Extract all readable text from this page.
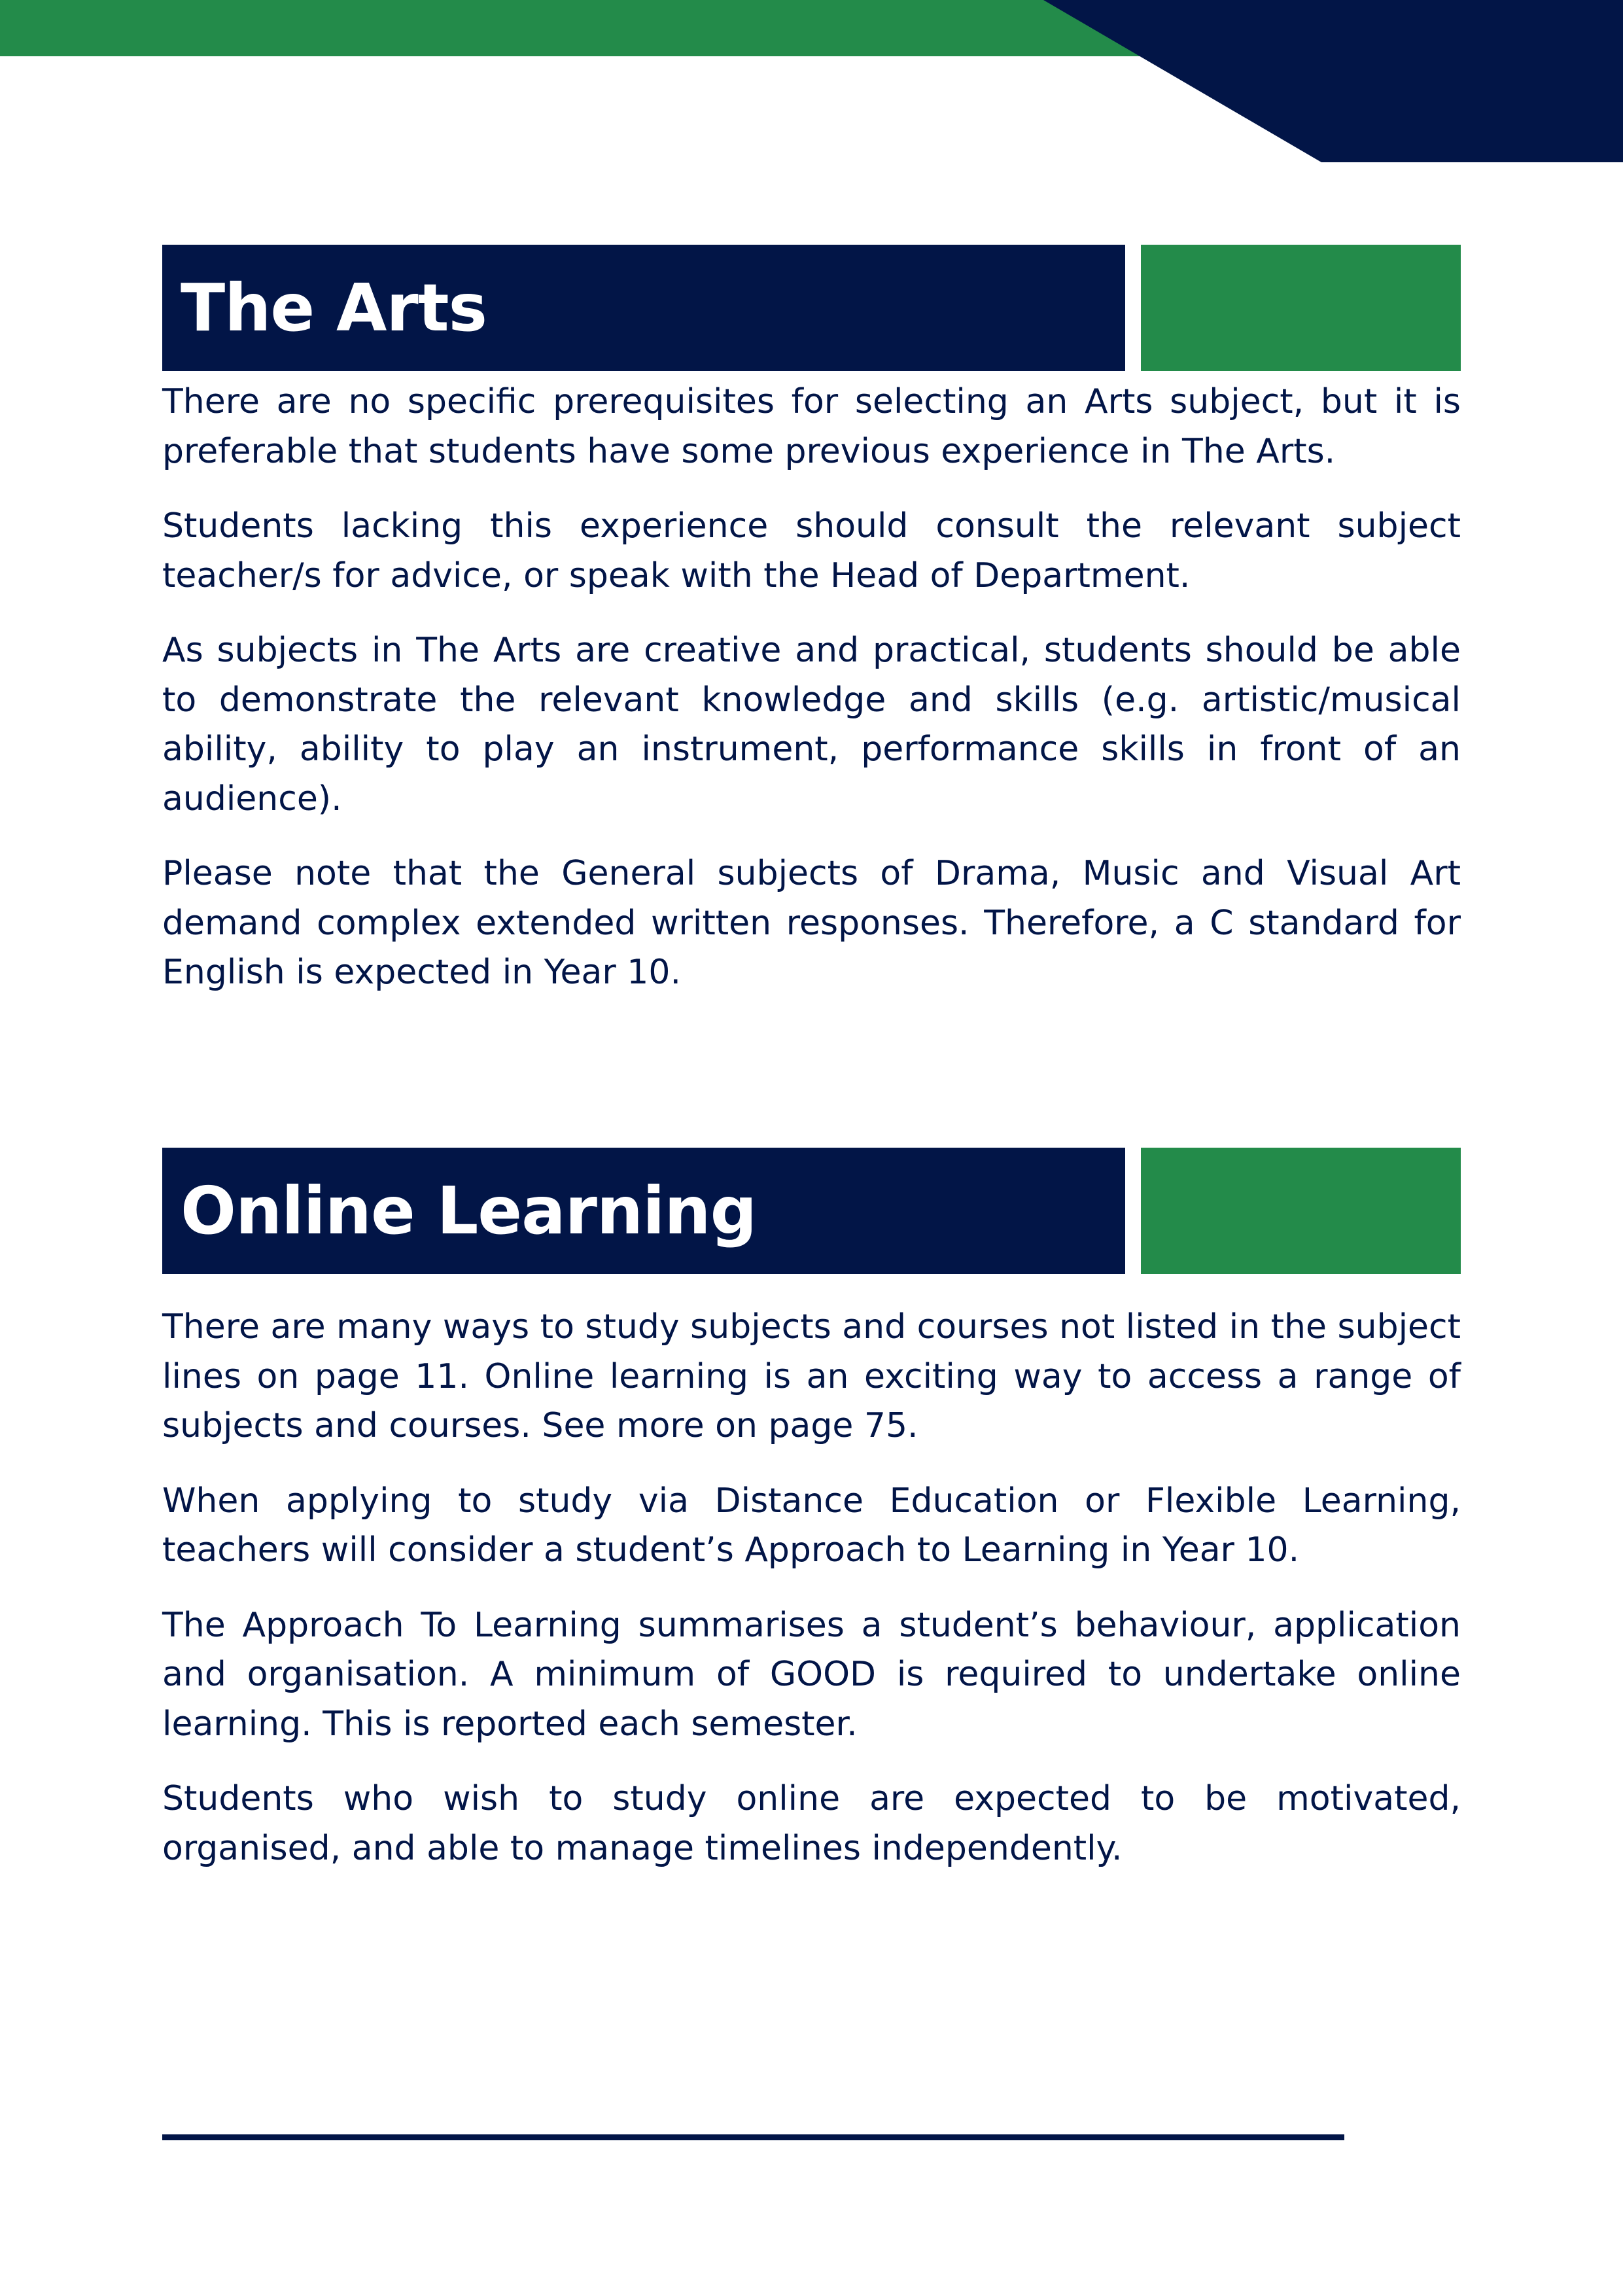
The Arts

There are no specific prerequisites for selecting an Arts subject, but it is preferable that students have some previous experience in The Arts.

Students lacking this experience should consult the relevant subject teacher/s for advice, or speak with the Head of Department.

As subjects in The Arts are creative and practical, students should be able to demonstrate the relevant knowledge and skills (e.g. artistic/musical ability, ability to play an instrument, performance skills in front of an audience).

Please note that the General subjects of Drama, Music and Visual Art demand complex extended written responses. Therefore, a C standard for English is expected in Year 10.

Online Learning

There are many ways to study subjects and courses not listed in the subject lines on page 11. Online learning is an exciting way to access a range of subjects and courses. See more on page 75.

When applying to study via Distance Education or Flexible Learning, teachers will consider a student’s Approach to Learning in Year 10.

The Approach To Learning summarises a student’s behaviour, application and organisation. A minimum of GOOD is required to undertake online learning. This is reported each semester.

Students who wish to study online are expected to be motivated, organised, and able to manage timelines independently.
